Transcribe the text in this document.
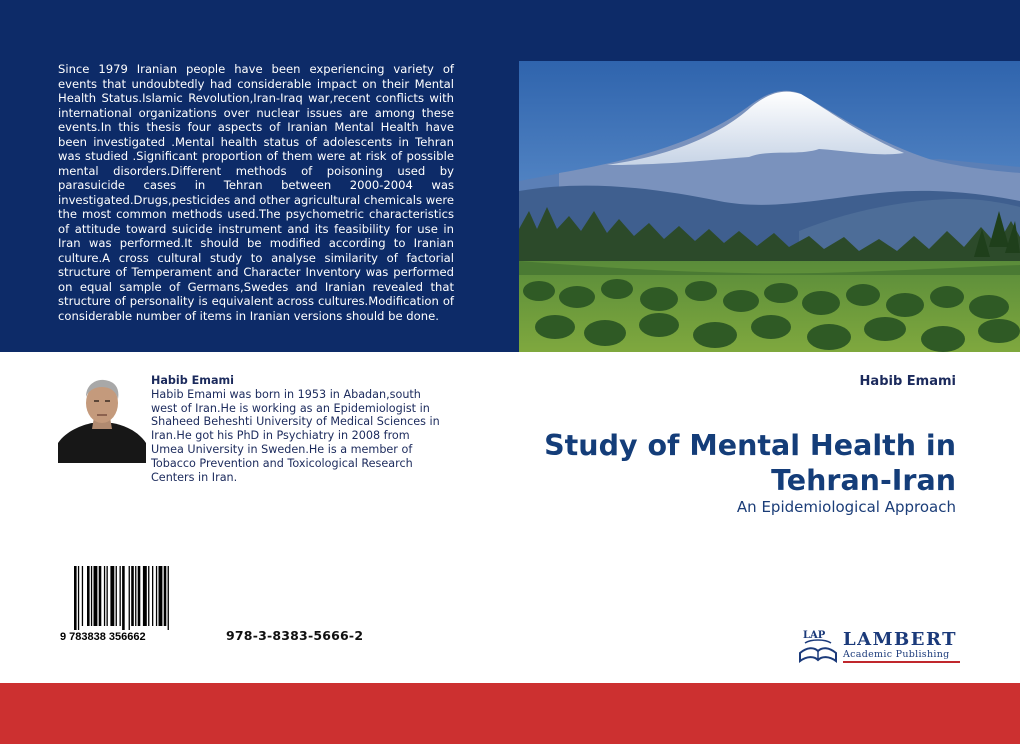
Since 1979 Iranian people have been experiencing variety of events that undoubtedly had considerable impact on their Mental Health Status.Islamic Revolution,Iran-Iraq war,recent conflicts with international organizations over nuclear issues are among these events.In this thesis four aspects of Iranian Mental Health have been investigated .Mental health status of adolescents in Tehran was studied .Significant proportion of them were at risk of possible mental disorders.Different methods of poisoning used by parasuicide cases in Tehran between 2000-2004 was investigated.Drugs,pesticides and other agricultural chemicals were the most common methods used.The psychometric characteristics of attitude toward suicide instrument and its feasibility for use in Iran was performed.It should be modified according to Iranian culture.A cross cultural study to analyse similarity of factorial structure of Temperament and Character Inventory was performed on equal sample of Germans,Swedes and Iranian revealed that structure of personality is equivalent across cultures.Modification of considerable number of items in Iranian versions should be done.
Habib Emami
Habib Emami was born in 1953 in Abadan,south west of Iran.He is working as an Epidemiologist in Shaheed Beheshti University of Medical Sciences in Iran.He got his PhD in Psychiatry in 2008 from Umea University in Sweden.He is a member of Tobacco Prevention and Toxicological Research Centers in Iran.
Habib Emami
Study of Mental Health in Tehran-Iran
An Epidemiological Approach
9 783838 356662	978-3-8383-5666-2	LAP LAMBERT
Academic Publishing
